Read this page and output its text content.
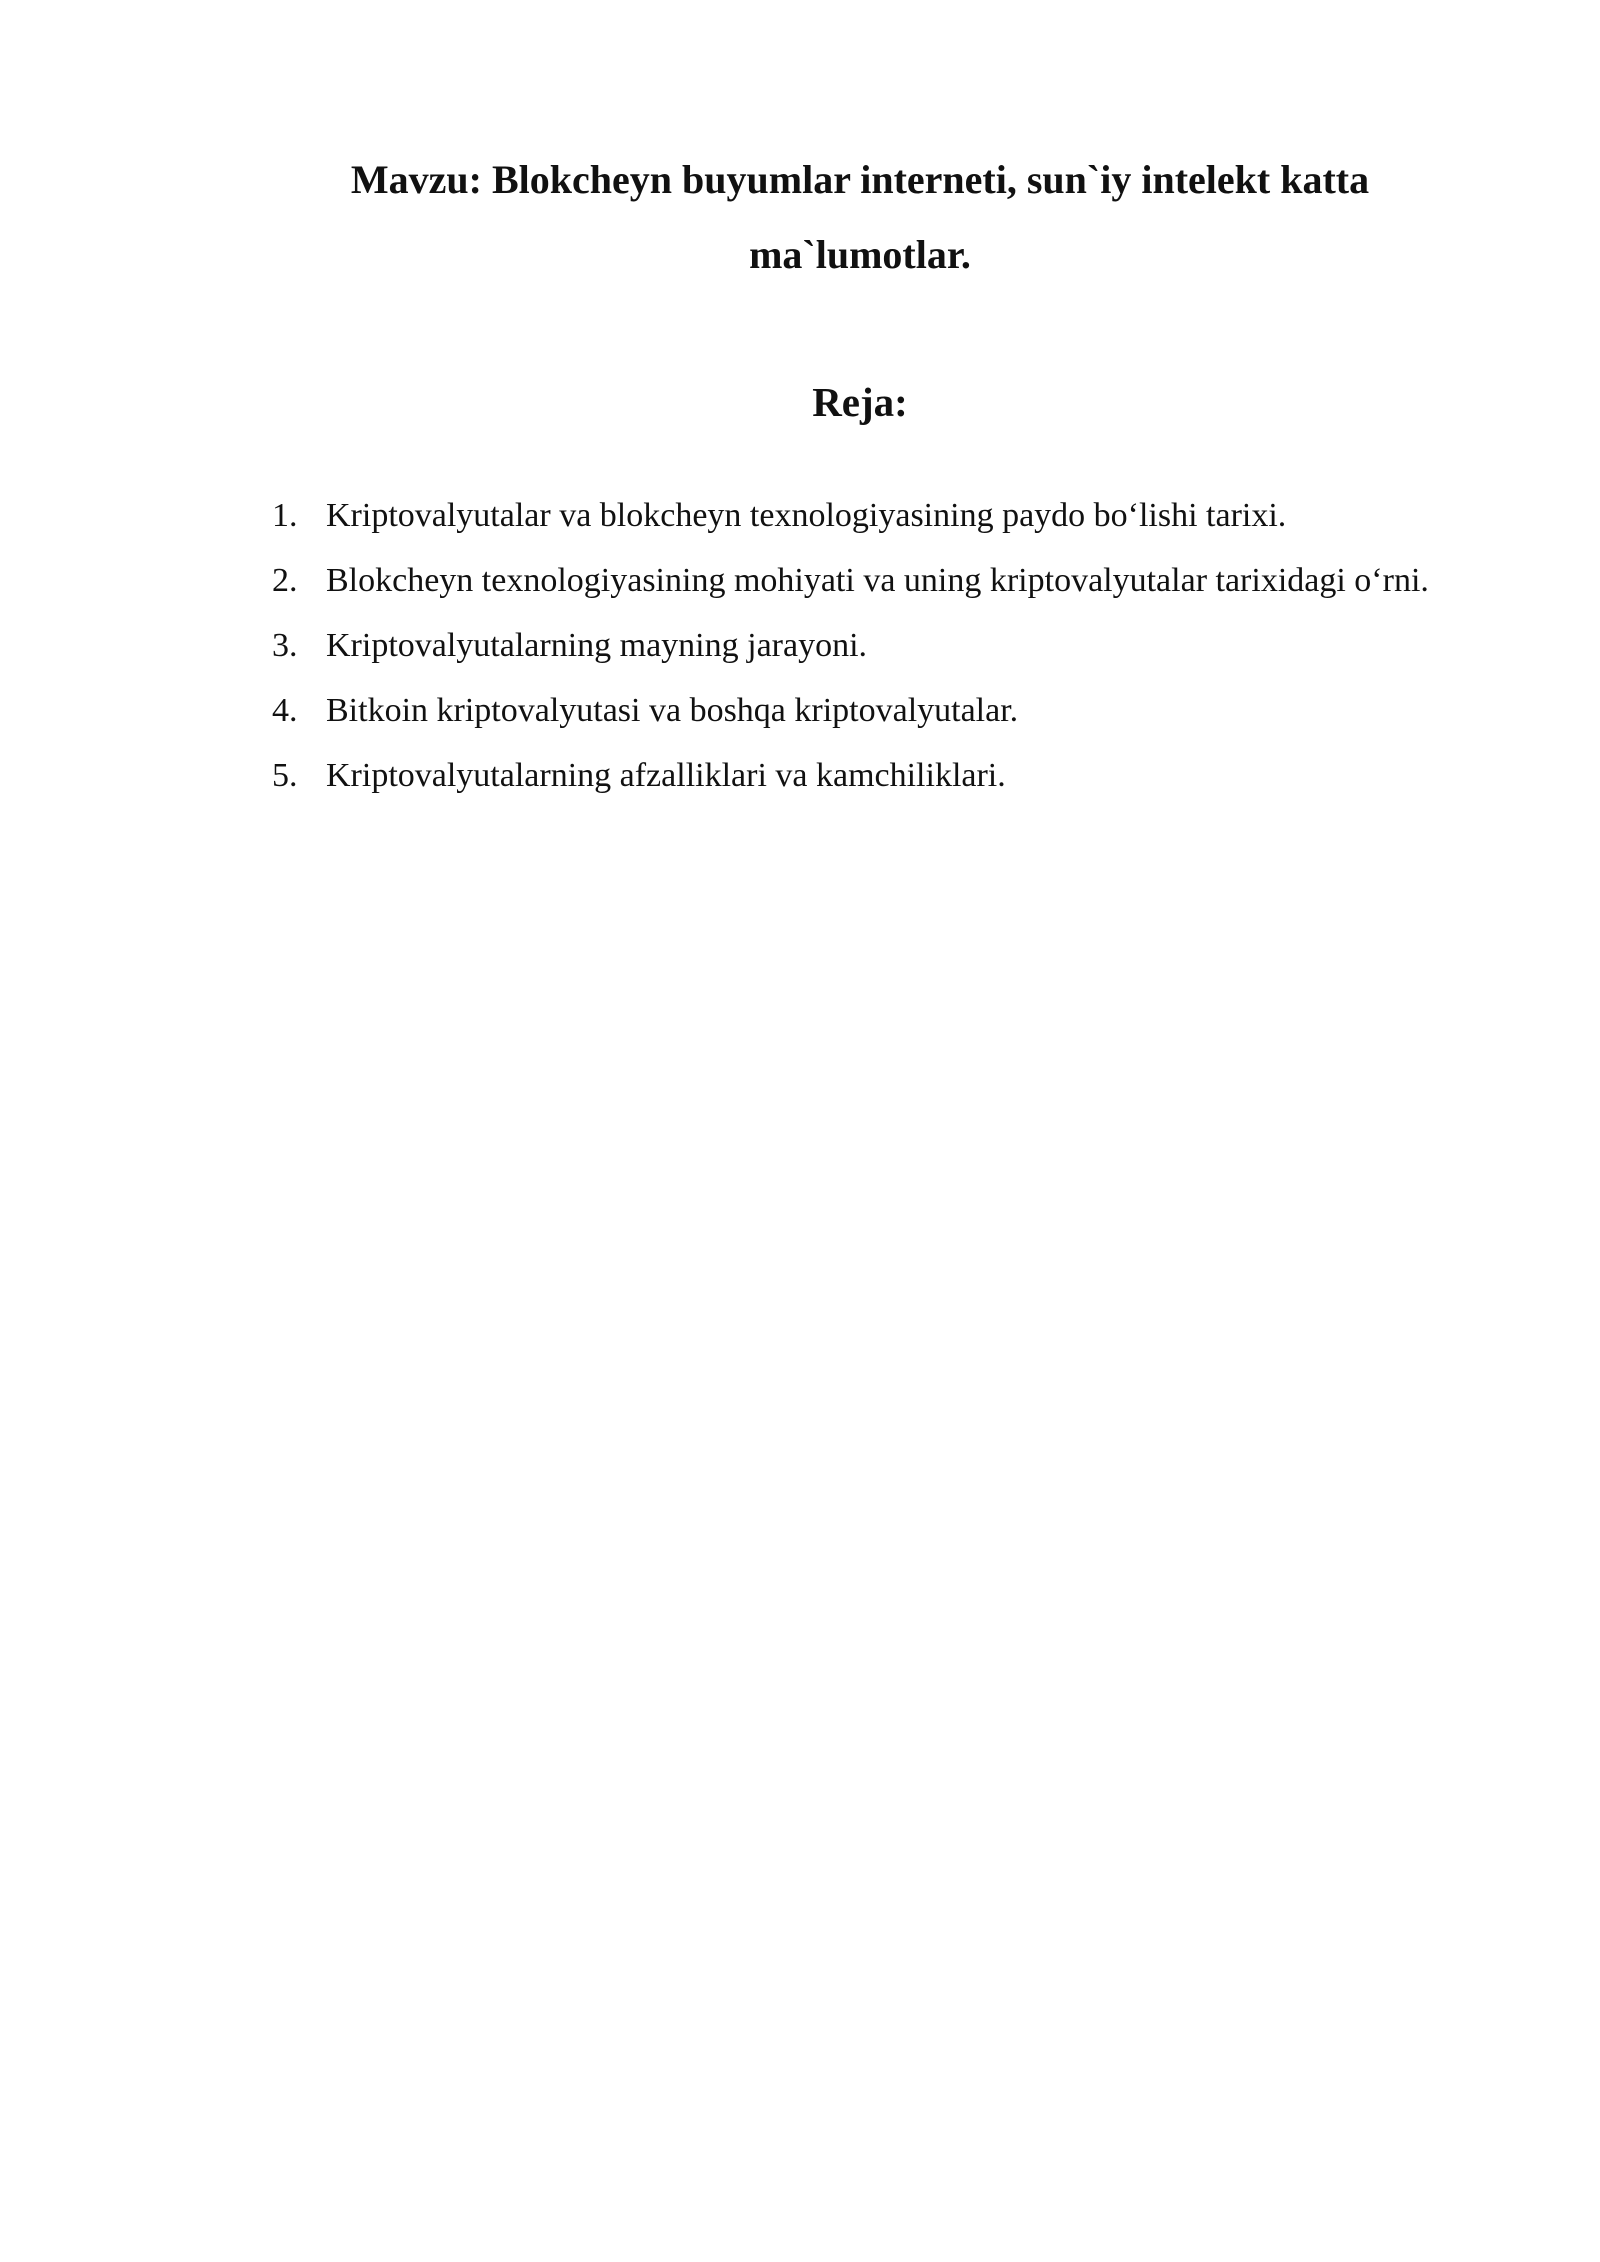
Mavzu: Blokcheyn buyumlar interneti, sun`iy intelekt katta ma`lumotlar.
Reja:
1. Kriptovalyutalar va blokcheyn texnologiyasining paydo bo‘lishi tarixi.
2. Blokcheyn texnologiyasining mohiyati va uning kriptovalyutalar tarixidagi o‘rni.
3. Kriptovalyutalarning mayning jarayoni.
4. Bitkoin kriptovalyutasi va boshqa kriptovalyutalar.
5. Kriptovalyutalarning afzalliklari va kamchiliklari.
